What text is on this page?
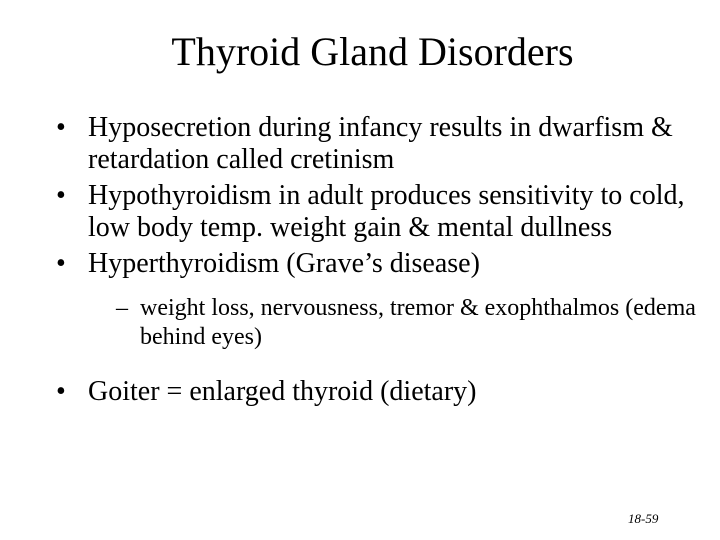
Thyroid Gland Disorders
• Hyposecretion during infancy results in dwarfism & retardation called cretinism
• Hypothyroidism in adult produces sensitivity to cold, low body temp. weight gain & mental dullness
• Hyperthyroidism (Grave’s disease)
– weight loss, nervousness, tremor & exophthalmos (edema behind eyes)
• Goiter = enlarged thyroid (dietary)
18-59
